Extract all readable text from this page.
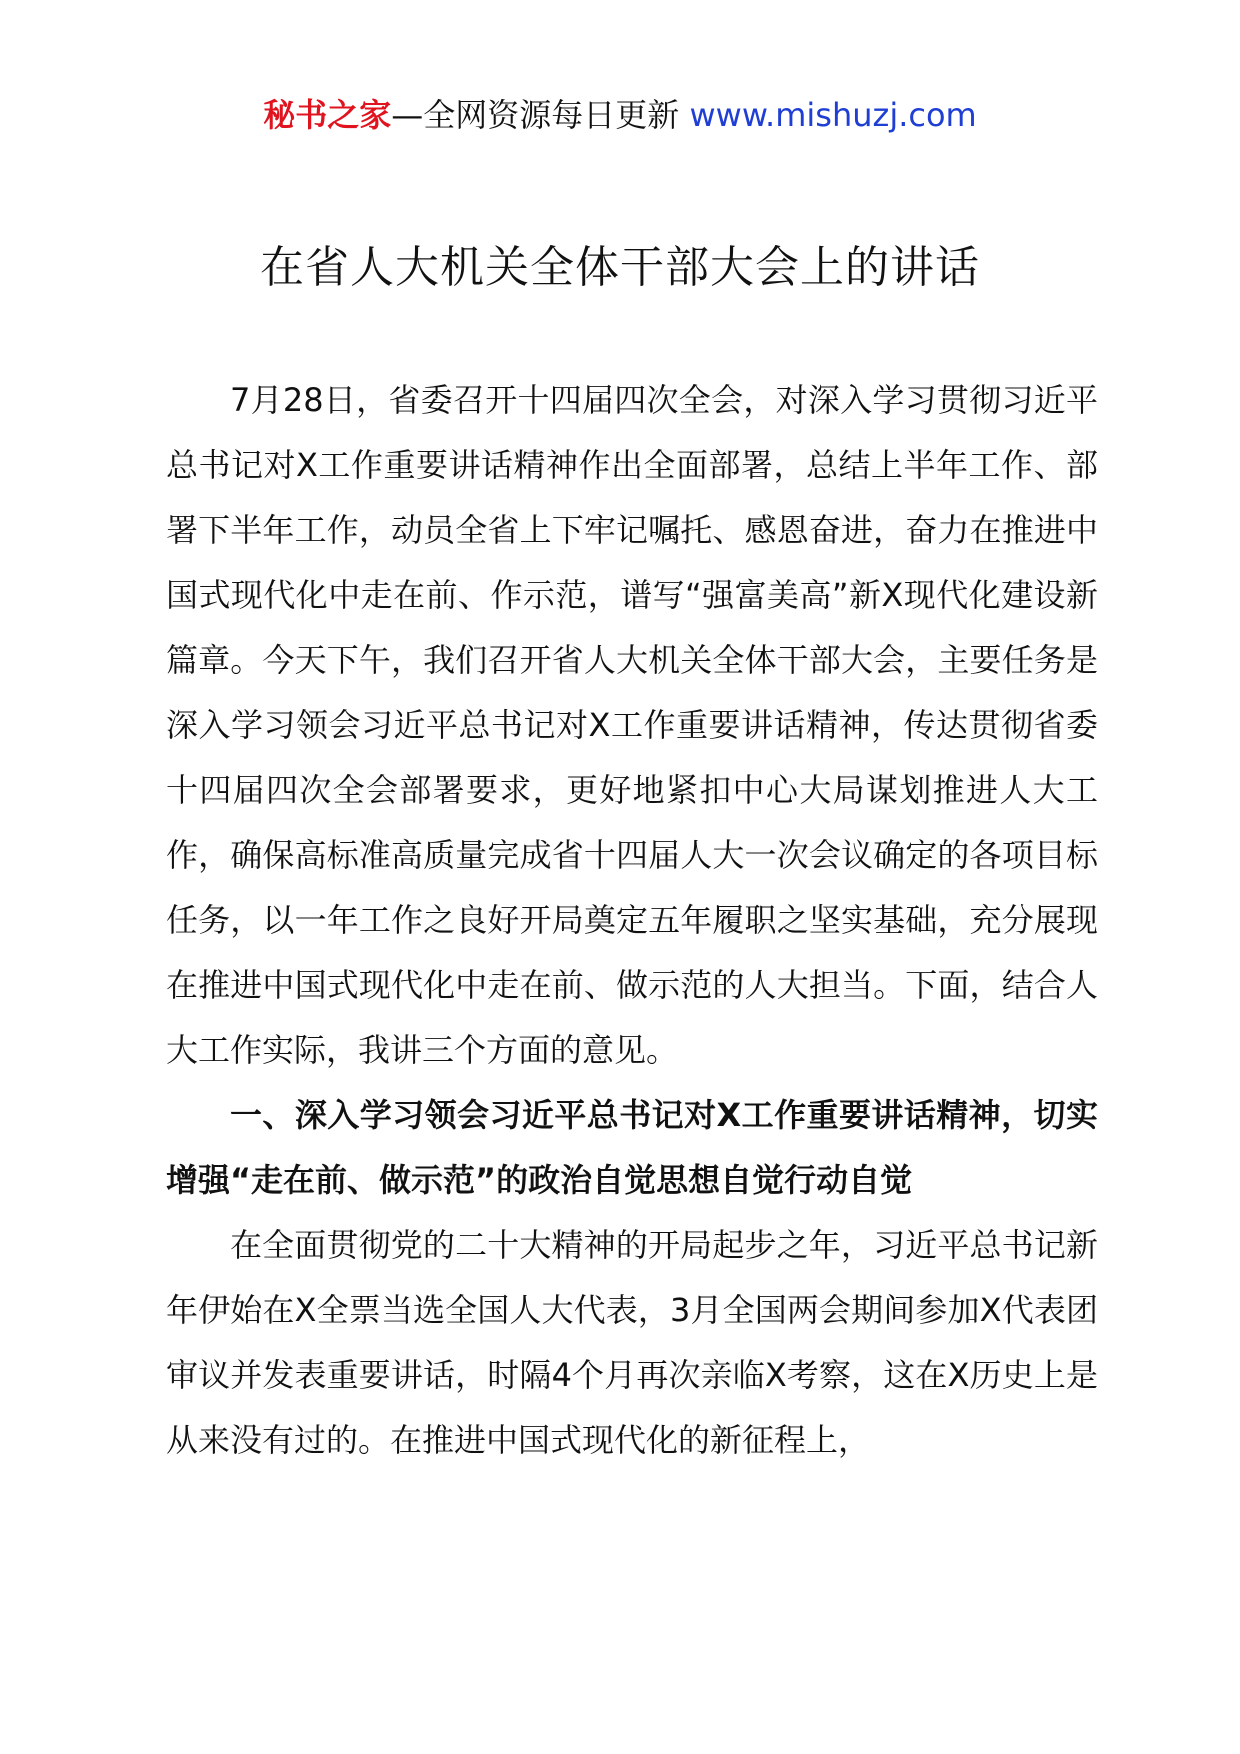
秘书之家—全网资源每日更新 www.mishuzj.com
在省人大机关全体干部大会上的讲话

7月28日，省委召开十四届四次全会，对深入学习贯彻习近平总书记对X工作重要讲话精神作出全面部署，总结上半年工作、部署下半年工作，动员全省上下牢记嘱托、感恩奋进，奋力在推进中国式现代化中走在前、作示范，谱写“强富美高”新X现代化建设新篇章。今天下午，我们召开省人大机关全体干部大会，主要任务是深入学习领会习近平总书记对X工作重要讲话精神，传达贯彻省委十四届四次全会部署要求，更好地紧扣中心大局谋划推进人大工作，确保高标准高质量完成省十四届人大一次会议确定的各项目标任务，以一年工作之良好开局奠定五年履职之坚实基础，充分展现在推进中国式现代化中走在前、做示范的人大担当。下面，结合人大工作实际，我讲三个方面的意见。

一、深入学习领会习近平总书记对X工作重要讲话精神，切实增强“走在前、做示范”的政治自觉思想自觉行动自觉

在全面贯彻党的二十大精神的开局起步之年，习近平总书记新年伊始在X全票当选全国人大代表，3月全国两会期间参加X代表团审议并发表重要讲话，时隔4个月再次亲临X考察，这在X历史上是从来没有过的。在推进中国式现代化的新征程上，
